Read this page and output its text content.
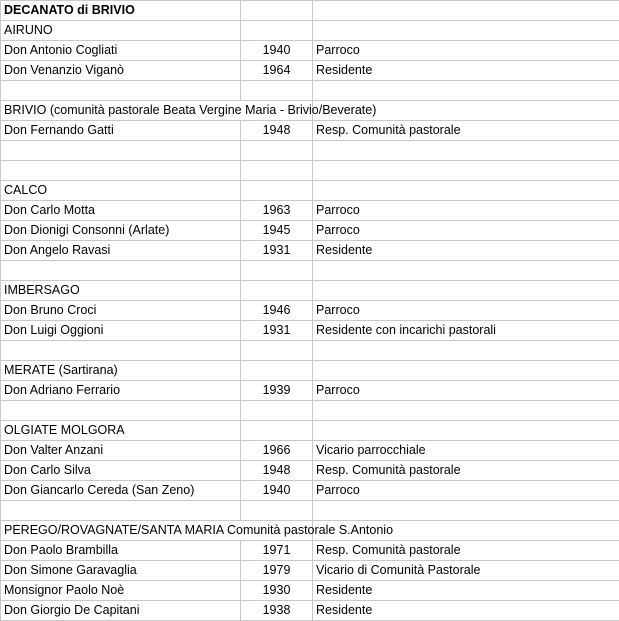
DECANATO di BRIVIO		
AIRUNO		
Don Antonio Cogliati	1940	Parroco
Don Venanzio Viganò	1964	Residente

BRIVIO (comunità pastorale Beata Vergine Maria - Brivio/Beverate)		
Don Fernando Gatti	1948	Resp. Comunità pastorale

CALCO		
Don Carlo Motta	1963	Parroco
Don Dionigi Consonni (Arlate)	1945	Parroco
Don Angelo Ravasi	1931	Residente

IMBERSAGO		
Don Bruno Croci	1946	Parroco
Don Luigi Oggioni	1931	Residente con incarichi pastorali

MERATE (Sartirana)		
Don Adriano Ferrario	1939	Parroco

OLGIATE MOLGORA		
Don Valter Anzani	1966	Vicario parrocchiale
Don Carlo Silva	1948	Resp. Comunità pastorale
Don Giancarlo Cereda (San Zeno)	1940	Parroco

PEREGO/ROVAGNATE/SANTA MARIA Comunità pastorale S.Antonio		
Don Paolo Brambilla	1971	Resp. Comunità pastorale
Don Simone Garavaglia	1979	Vicario di Comunità Pastorale
Monsignor Paolo Noè	1930	Residente
Don Giorgio De Capitani	1938	Residente
